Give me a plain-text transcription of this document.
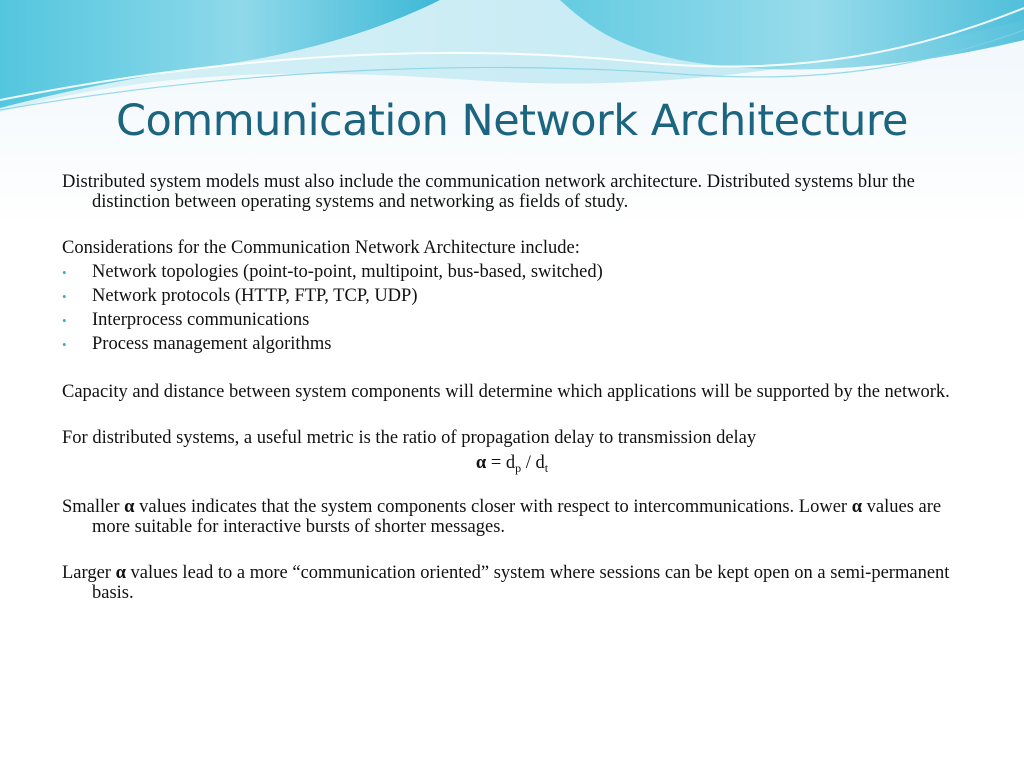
Communication Network Architecture

Distributed system models must also include the communication network architecture. Distributed systems blur the distinction between operating systems and networking as fields of study.

Considerations for the Communication Network Architecture include:

• Network topologies (point-to-point, multipoint, bus-based, switched)
• Network protocols (HTTP, FTP, TCP, UDP)
• Interprocess communications
• Process management algorithms

Capacity and distance between system components will determine which applications will be supported by the network.

For distributed systems, a useful metric is the ratio of propagation delay to transmission delay

$\alpha = d_p / d_t$

Smaller α values indicates that the system components closer with respect to intercommunications. Lower α values are more suitable for interactive bursts of shorter messages.

Larger α values lead to a more “communication oriented” system where sessions can be kept open on a semi-permanent basis.
